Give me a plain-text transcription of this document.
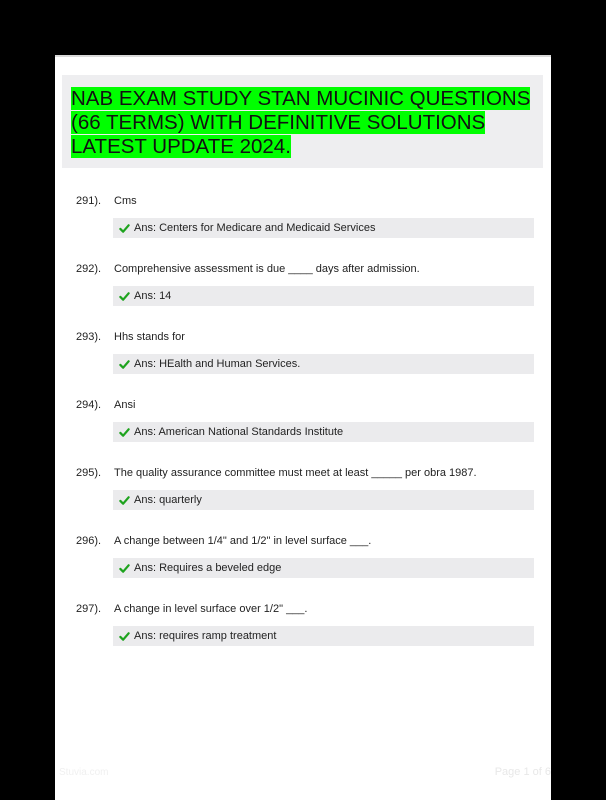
NAB EXAM STUDY STAN MUCINIC QUESTIONS (66 TERMS) WITH DEFINITIVE SOLUTIONS LATEST UPDATE 2024.
291). Cms
Ans: Centers for Medicare and Medicaid Services
292). Comprehensive assessment is due ____ days after admission.
Ans: 14
293). Hhs stands for
Ans: HEalth and Human Services.
294). Ansi
Ans: American National Standards Institute
295). The quality assurance committee must meet at least _____ per obra 1987.
Ans: quarterly
296). A change between 1/4" and 1/2" in level surface ___.
Ans: Requires a beveled edge
297). A change in level surface over 1/2" ___.
Ans: requires ramp treatment
Stuvia.com	Page 1 of 6
